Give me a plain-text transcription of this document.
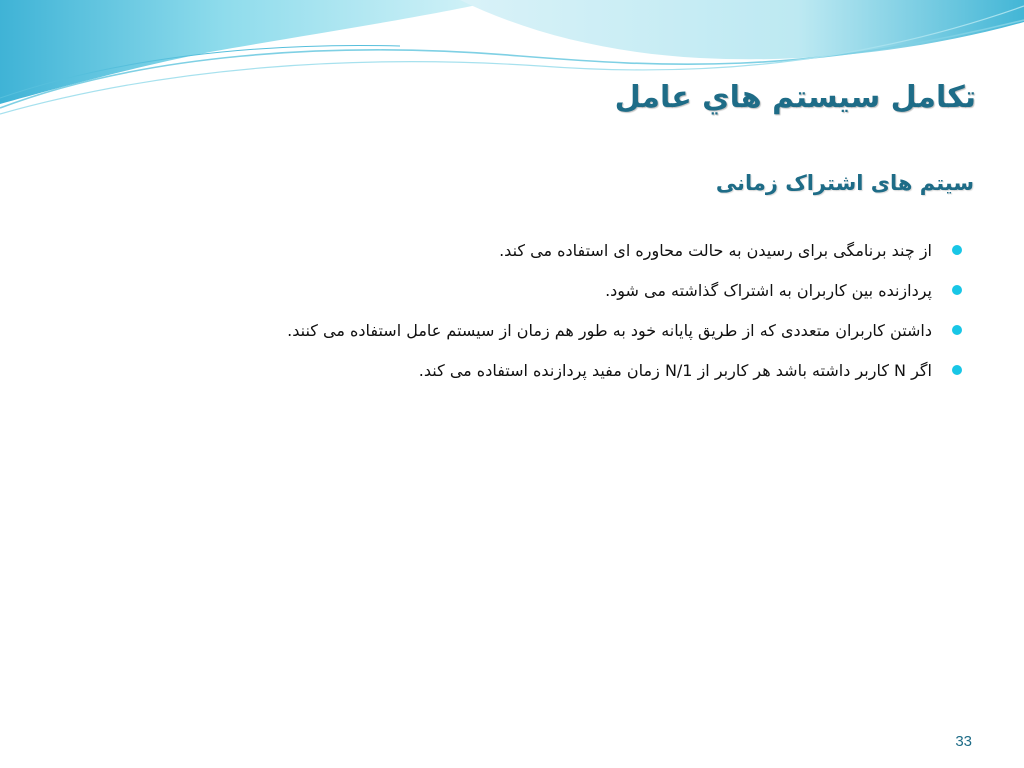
تكامل سيستم هاي عامل
سیتم های اشتراک زمانی
از چند برنامگی برای رسیدن به حالت محاوره ای استفاده می کند.
پردازنده بین کاربران به اشتراک گذاشته می شود.
داشتن کاربران متعددی که از طریق پایانه خود به طور هم زمان از سیستم عامل استفاده می کنند.
اگر N کاربر داشته باشد هر کاربر از 1/N زمان مفید پردازنده استفاده می کند.
33
